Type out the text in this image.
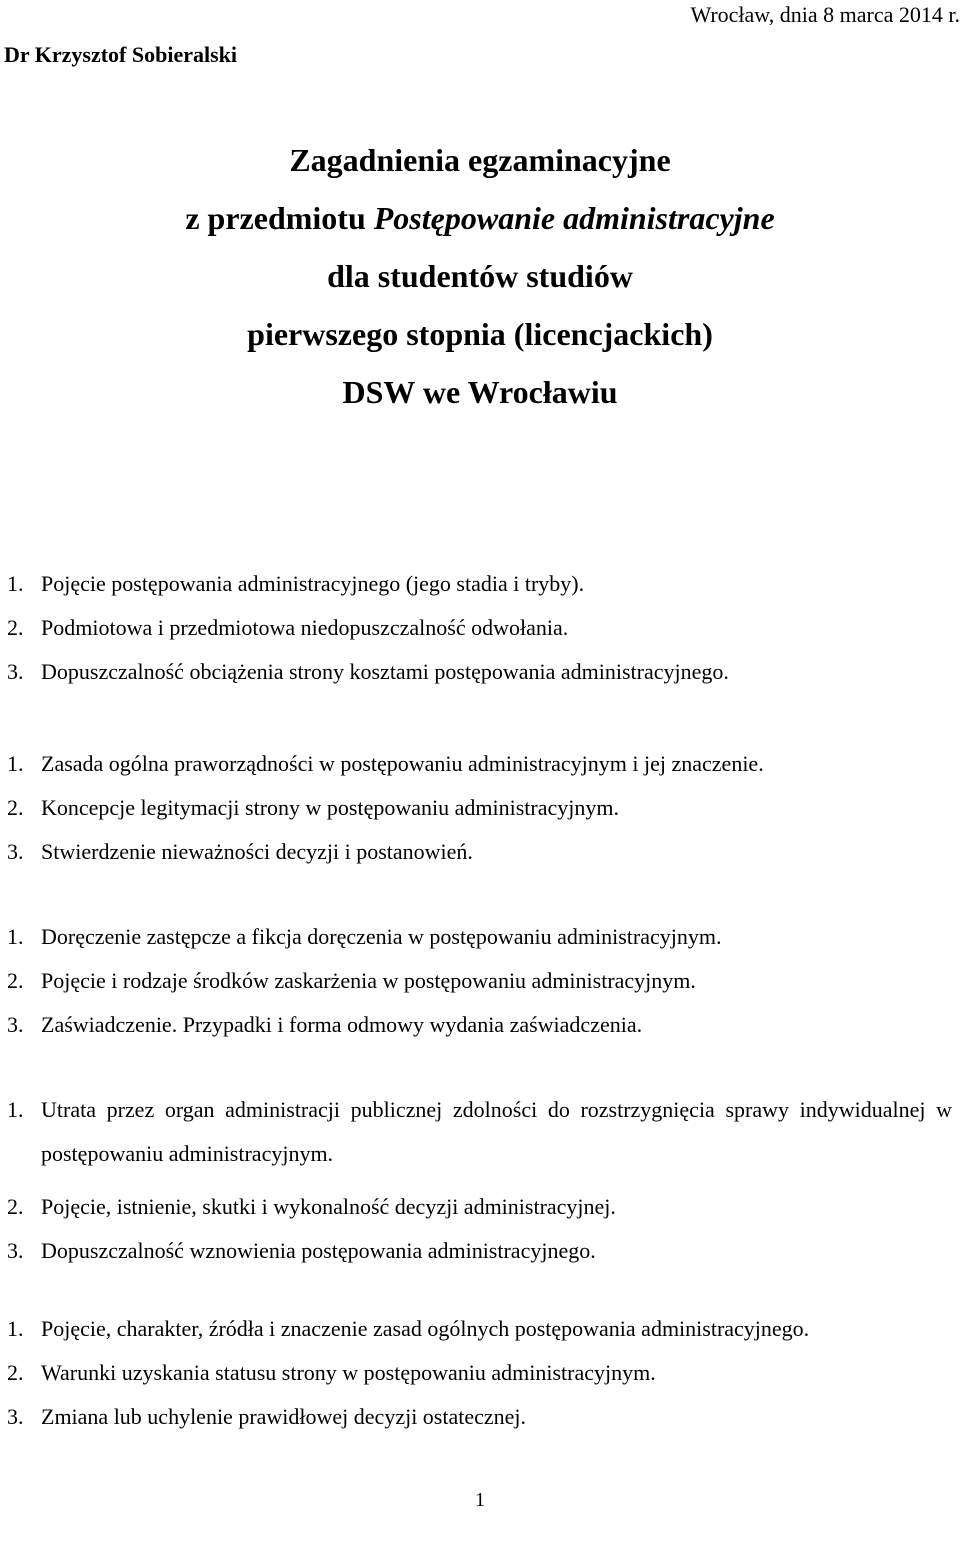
Wrocław, dnia 8 marca 2014 r.
Dr Krzysztof Sobieralski
Zagadnienia egzaminacyjne
z przedmiotu Postępowanie administracyjne
dla studentów studiów
pierwszego stopnia (licencjackich)
DSW we Wrocławiu
1. Pojęcie postępowania administracyjnego (jego stadia i tryby).
2. Podmiotowa i przedmiotowa niedopuszczalność odwołania.
3. Dopuszczalność obciążenia strony kosztami postępowania administracyjnego.
1. Zasada ogólna praworządności w postępowaniu administracyjnym i jej znaczenie.
2. Koncepcje legitymacji strony w postępowaniu administracyjnym.
3. Stwierdzenie nieważności decyzji i postanowień.
1. Doręczenie zastępcze a fikcja doręczenia w postępowaniu administracyjnym.
2. Pojęcie i rodzaje środków zaskarżenia w postępowaniu administracyjnym.
3. Zaświadczenie. Przypadki i forma odmowy wydania zaświadczenia.
1. Utrata przez organ administracji publicznej zdolności do rozstrzygnięcia sprawy indywidualnej w postępowaniu administracyjnym.
2. Pojęcie, istnienie, skutki i wykonalność decyzji administracyjnej.
3. Dopuszczalność wznowienia postępowania administracyjnego.
1. Pojęcie, charakter, źródła i znaczenie zasad ogólnych postępowania administracyjnego.
2. Warunki uzyskania statusu strony w postępowaniu administracyjnym.
3. Zmiana lub uchylenie prawidłowej decyzji ostatecznej.
1
